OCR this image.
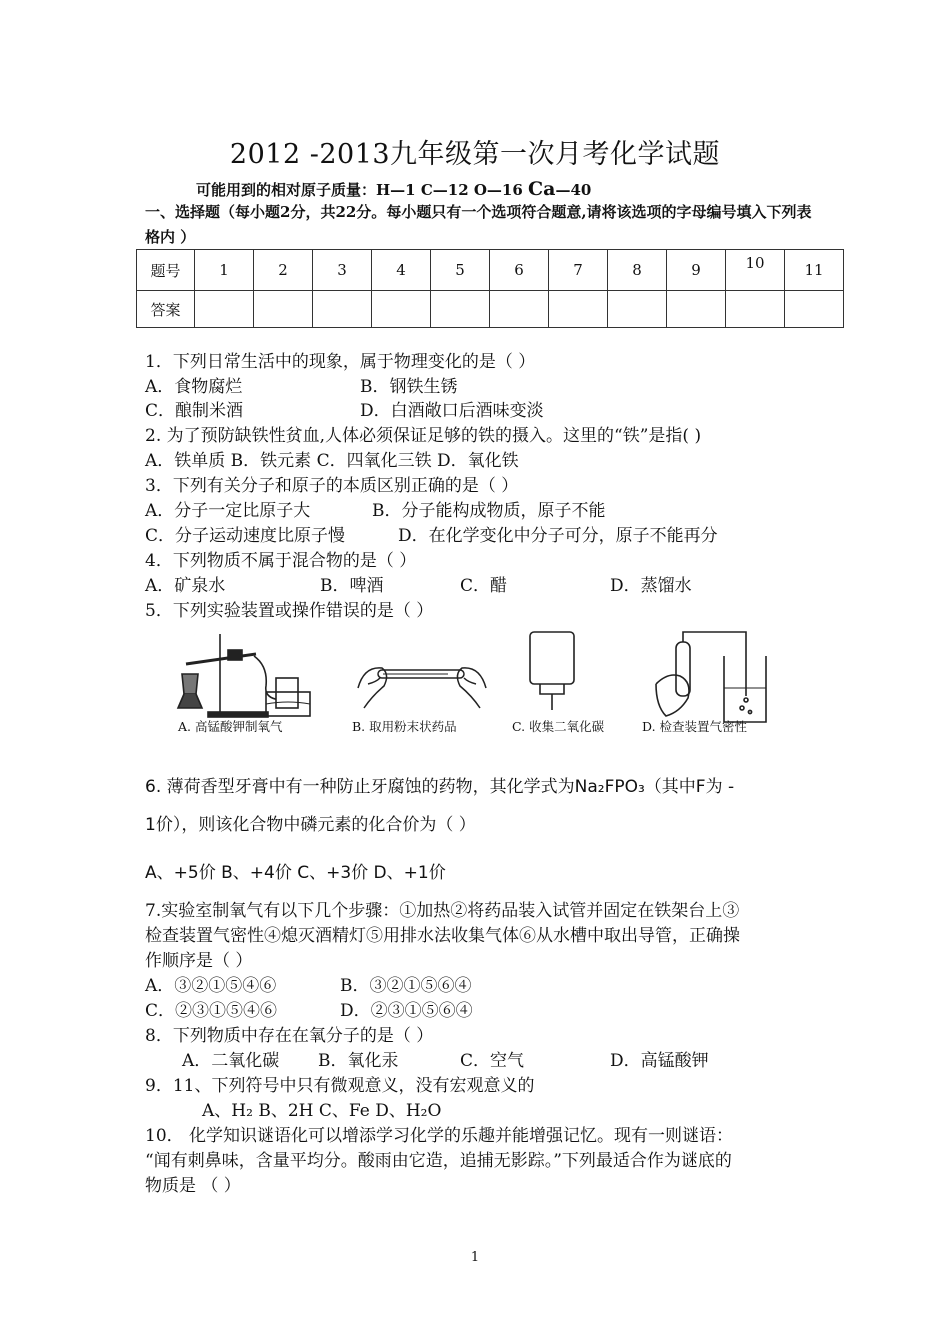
2012 -2013九年级第一次月考化学试题
可能用到的相对原子质量：H—1 C—12 O—16 Ca—40
一、选择题（每小题2分，共22分。每小题只有一个选项符合题意,请将该选项的字母编号填入下列表格内 ）
题号	1	2	3	4	5	6	7	8	9	10	11
答案											
1．下列日常生活中的现象，属于物理变化的是（ ）
A．食物腐烂	B．钢铁生锈
C．酿制米酒	D．白酒敞口后酒味变淡
2. 为了预防缺铁性贫血,人体必须保证足够的铁的摄入。这里的“铁”是指( )
A．铁单质 B．铁元素 C．四氧化三铁 D．氧化铁
3．下列有关分子和原子的本质区别正确的是（ ）
A．分子一定比原子大	B．分子能构成物质，原子不能
C．分子运动速度比原子慢	D．在化学变化中分子可分，原子不能再分
4．下列物质不属于混合物的是（ ）
A．矿泉水	B．啤酒	C．醋	D．蒸馏水
5．下列实验装置或操作错误的是（ ）
A. 高锰酸钾制氧气	B. 取用粉末状药品	C. 收集二氧化碳	D. 检查装置气密性
6. 薄荷香型牙膏中有一种防止牙腐蚀的药物，其化学式为Na₂FPO₃（其中F为 -
1价），则该化合物中磷元素的化合价为（ ）
A、+5价 B、+4价 C、+3价 D、+1价
7.实验室制氧气有以下几个步骤：①加热②将药品装入试管并固定在铁架台上③
检查装置气密性④熄灭酒精灯⑤用排水法收集气体⑥从水槽中取出导管，正确操
作顺序是（ ）
A．③②①⑤④⑥	B．③②①⑤⑥④
C．②③①⑤④⑥	D．②③①⑤⑥④
8．下列物质中存在在氧分子的是（ ）
A．二氧化碳 B．氧化汞	C．空气	D．高锰酸钾
9．11、下列符号中只有微观意义，没有宏观意义的
A、H₂ B、2H C、Fe D、H₂O
10． 化学知识谜语化可以增添学习化学的乐趣并能增强记忆。现有一则谜语：
“闻有刺鼻味，含量平均分。酸雨由它造，追捕无影踪。”下列最适合作为谜底的
物质是 （ ）
1
